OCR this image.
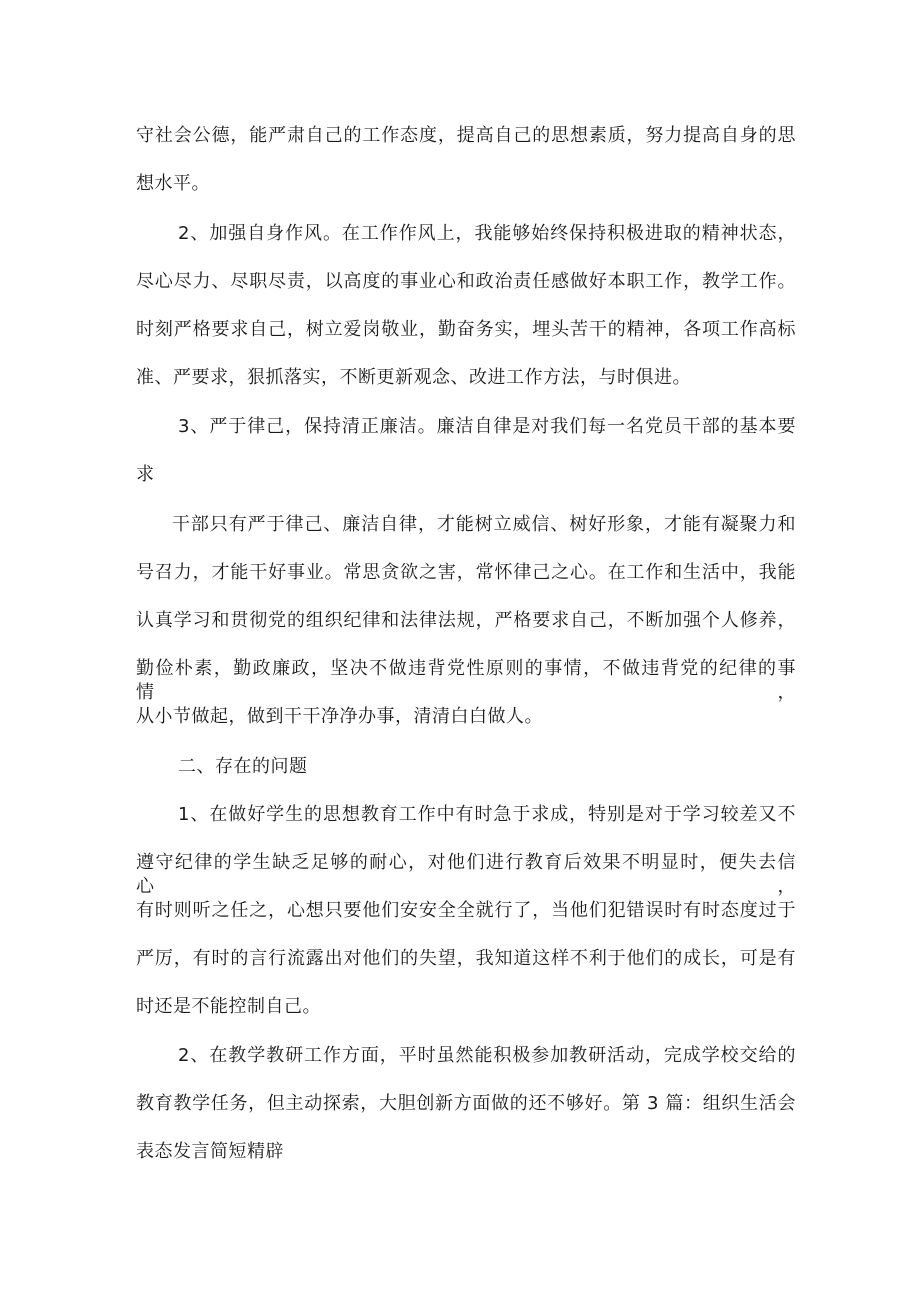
守社会公德，能严肃自己的工作态度，提高自己的思想素质，努力提高自身的思

想水平。

2、加强自身作风。在工作作风上，我能够始终保持积极进取的精神状态，

尽心尽力、尽职尽责，以高度的事业心和政治责任感做好本职工作，教学工作。

时刻严格要求自己，树立爱岗敬业，勤奋务实，埋头苦干的精神，各项工作高标

准、严要求，狠抓落实，不断更新观念、改进工作方法，与时俱进。

3、严于律己，保持清正廉洁。廉洁自律是对我们每一名党员干部的基本要

求

干部只有严于律己、廉洁自律，才能树立威信、树好形象，才能有凝聚力和

号召力，才能干好事业。常思贪欲之害，常怀律己之心。在工作和生活中，我能

认真学习和贯彻党的组织纪律和法律法规，严格要求自己，不断加强个人修养，

勤俭朴素，勤政廉政，坚决不做违背党性原则的事情，不做违背党的纪律的事情，

从小节做起，做到干干净净办事，清清白白做人。

二、存在的问题

1、在做好学生的思想教育工作中有时急于求成，特别是对于学习较差又不

遵守纪律的学生缺乏足够的耐心，对他们进行教育后效果不明显时，便失去信心，

有时则听之任之，心想只要他们安安全全就行了，当他们犯错误时有时态度过于

严厉，有时的言行流露出对他们的失望，我知道这样不利于他们的成长，可是有

时还是不能控制自己。

2、在教学教研工作方面，平时虽然能积极参加教研活动，完成学校交给的

教育教学任务，但主动探索，大胆创新方面做的还不够好。第 3 篇：组织生活会

表态发言简短精辟
